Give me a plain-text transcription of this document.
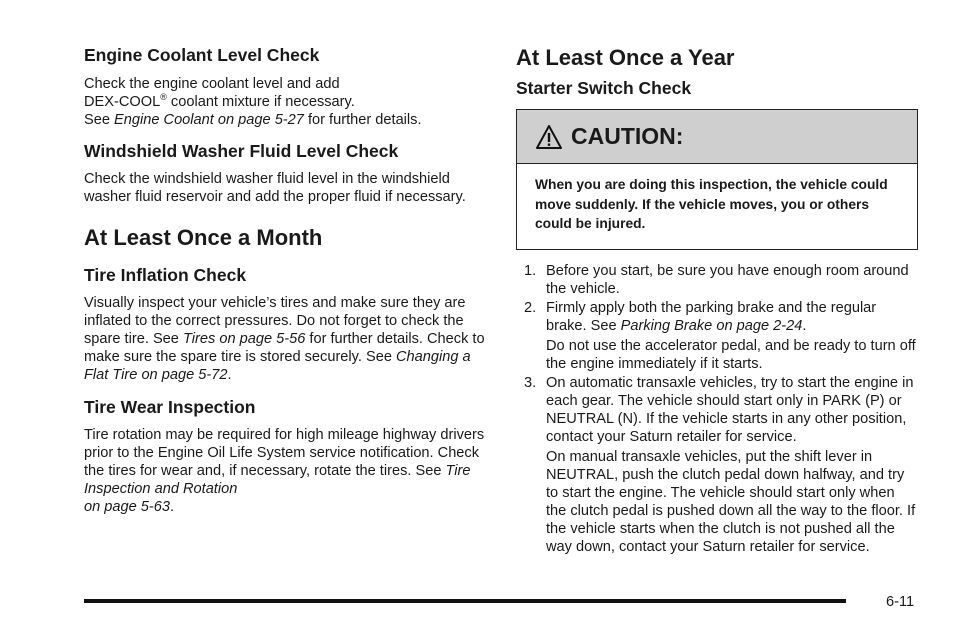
Engine Coolant Level Check

Check the engine coolant level and add
DEX-COOL® coolant mixture if necessary.
See Engine Coolant on page 5-27 for further details.

Windshield Washer Fluid Level Check

Check the windshield washer fluid level in the windshield washer fluid reservoir and add the proper fluid if necessary.

At Least Once a Month
Tire Inflation Check

Visually inspect your vehicle’s tires and make sure they are inflated to the correct pressures. Do not forget to check the spare tire. See Tires on page 5-56 for further details. Check to make sure the spare tire is stored securely. See Changing a Flat Tire on page 5-72.

Tire Wear Inspection

Tire rotation may be required for high mileage highway drivers prior to the Engine Oil Life System service notification. Check the tires for wear and, if necessary, rotate the tires. See Tire Inspection and Rotation
on page 5-63.

At Least Once a Year
Starter Switch Check
CAUTION:

When you are doing this inspection, the vehicle could move suddenly. If the vehicle moves, you or others could be injured.

1. Before you start, be sure you have enough room around the vehicle.

2. Firmly apply both the parking brake and the regular brake. See Parking Brake on page 2-24.

Do not use the accelerator pedal, and be ready to turn off the engine immediately if it starts.

3. On automatic transaxle vehicles, try to start the engine in each gear. The vehicle should start only in PARK (P) or NEUTRAL (N). If the vehicle starts in any other position, contact your Saturn retailer for service.

On manual transaxle vehicles, put the shift lever in NEUTRAL, push the clutch pedal down halfway, and try to start the engine. The vehicle should start only when the clutch pedal is pushed down all the way to the floor. If the vehicle starts when the clutch is not pushed all the way down, contact your Saturn retailer for service.

6-11
